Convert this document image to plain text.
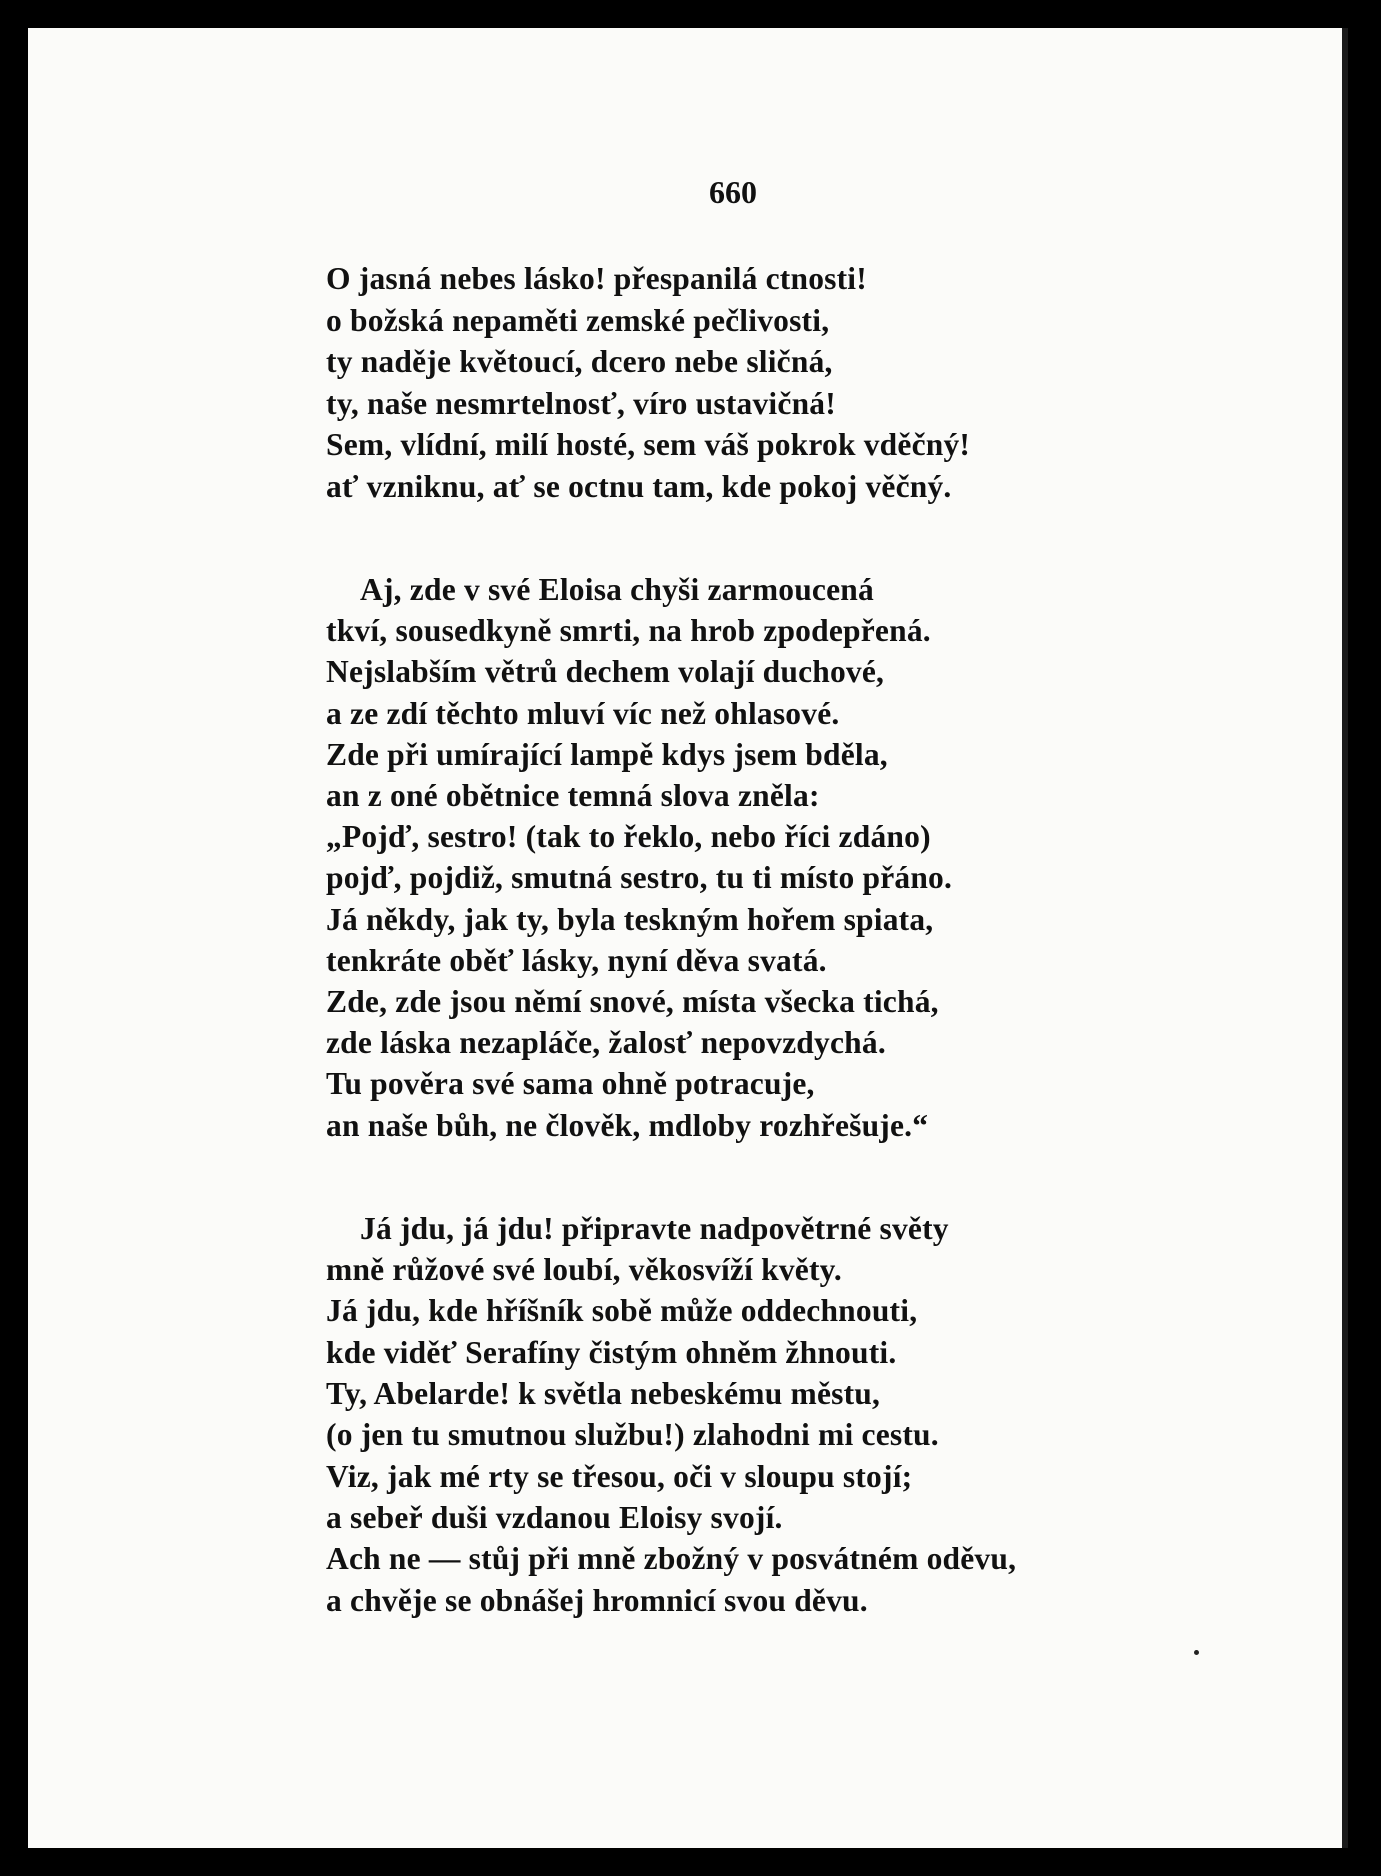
660
O jasná nebes lásko! přespanilá ctnosti!
o božská nepaměti zemské pečlivosti,
ty naděje květoucí, dcero nebe sličná,
ty, naše nesmrtelnosť, víro ustavičná!
Sem, vlídní, milí hosté, sem váš pokrok vděčný!
ať vzniknu, ať se octnu tam, kde pokoj věčný.
Aj, zde v své Eloisa chyši zarmoucená
tkví, sousedkyně smrti, na hrob zpodepřená.
Nejslabším větrů dechem volají duchové,
a ze zdí těchto mluví víc než ohlasové.
Zde při umírající lampě kdys jsem bděla,
an z oné obětnice temná slova zněla:
„Pojď, sestro! (tak to řeklo, nebo říci zdáno)
pojď, pojdiž, smutná sestro, tu ti místo přáno.
Já někdy, jak ty, byla teskným hořem spiata,
tenkráte oběť lásky, nyní děva svatá.
Zde, zde jsou němí snové, místa všecka tichá,
zde láska nezapláče, žalosť nepovzdychá.
Tu pověra své sama ohně potracuje,
an naše bůh, ne člověk, mdloby rozhřešuje.“
Já jdu, já jdu! připravte nadpovětrné světy
mně růžové své loubí, věkosvíží květy.
Já jdu, kde hříšník sobě může oddechnouti,
kde viděť Serafíny čistým ohněm žhnouti.
Ty, Abelarde! k světla nebeskému městu,
(o jen tu smutnou službu!) zlahodni mi cestu.
Viz, jak mé rty se třesou, oči v sloupu stojí;
a sebeř duši vzdanou Eloisy svojí.
Ach ne — stůj při mně zbožný v posvátném oděvu,
a chvěje se obnášej hromnicí svou děvu.
